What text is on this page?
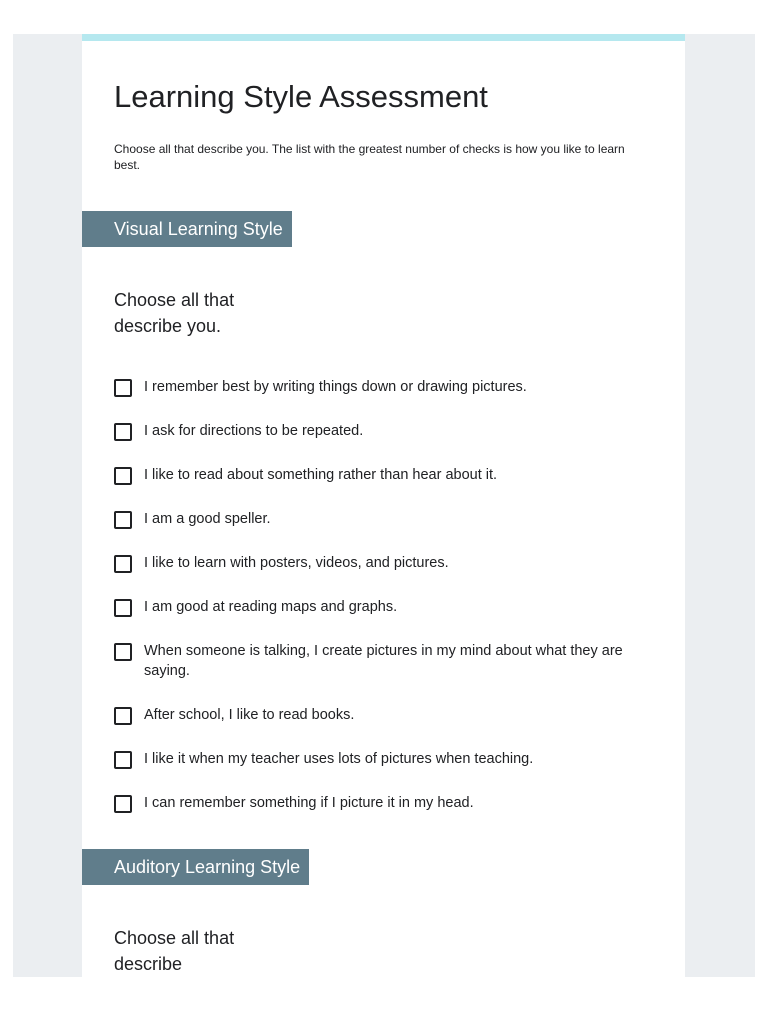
Learning Style Assessment

Choose all that describe you. The list with the greatest number of checks is how you like to learn best.

Visual Learning Style
Choose all that describe you.
I remember best by writing things down or drawing pictures.
I ask for directions to be repeated.
I like to read about something rather than hear about it.
I am a good speller.
I like to learn with posters, videos, and pictures.
I am good at reading maps and graphs.
When someone is talking, I create pictures in my mind about what they are saying.
After school, I like to read books.
I like it when my teacher uses lots of pictures when teaching.
I can remember something if I picture it in my head.
Auditory Learning Style
Choose all that describe
